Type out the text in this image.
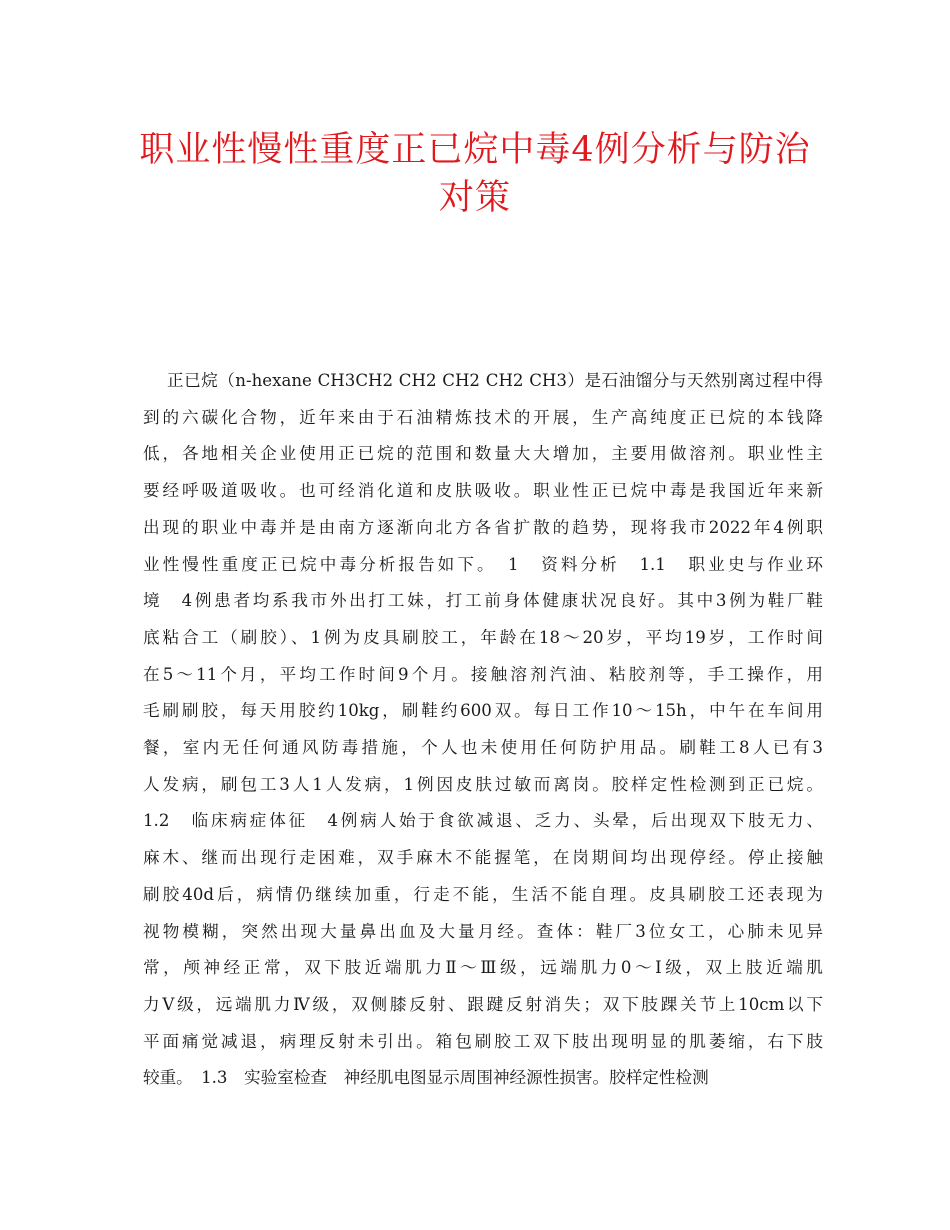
职业性慢性重度正已烷中毒4例分析与防治
对策
正已烷（n-hexane CH3CH2 CH2 CH2 CH2 CH3）是石油馏分与天然别离过程中得
到的六碳化合物，近年来由于石油精炼技术的开展，生产高纯度正已烷的本钱降
低，各地相关企业使用正已烷的范围和数量大大增加，主要用做溶剂。职业性主
要经呼吸道吸收。也可经消化道和皮肤吸收。职业性正已烷中毒是我国近年来新
出现的职业中毒并是由南方逐渐向北方各省扩散的趋势，现将我市2022年4例职
业性慢性重度正已烷中毒分析报告如下。　1　资料分析　1.1　职业史与作业环
境　4例患者均系我市外出打工妹，打工前身体健康状况良好。其中3例为鞋厂鞋
底粘合工（刷胶）、1例为皮具刷胶工，年龄在18～20岁，平均19岁，工作时间
在5～11个月，平均工作时间9个月。接触溶剂汽油、粘胶剂等，手工操作，用
毛刷刷胶，每天用胶约10kg，刷鞋约600双。每日工作10～15h，中午在车间用
餐，室内无任何通风防毒措施，个人也未使用任何防护用品。刷鞋工8人已有3
人发病，刷包工3人1人发病，1例因皮肤过敏而离岗。胶样定性检测到正已烷。
1.2　临床病症体征　4例病人始于食欲减退、乏力、头晕，后出现双下肢无力、
麻木、继而出现行走困难，双手麻木不能握笔，在岗期间均出现停经。停止接触
刷胶40d后，病情仍继续加重，行走不能，生活不能自理。皮具刷胶工还表现为
视物模糊，突然出现大量鼻出血及大量月经。查体：鞋厂3位女工，心肺未见异
常，颅神经正常，双下肢近端肌力Ⅱ～Ⅲ级，远端肌力0～Ⅰ级，双上肢近端肌
力Ⅴ级，远端肌力Ⅳ级，双侧膝反射、跟踺反射消失；双下肢踝关节上10cm以下
平面痛觉减退，病理反射未引出。箱包刷胶工双下肢出现明显的肌萎缩，右下肢
较重。　1.3　实验室检查　神经肌电图显示周围神经源性损害。胶样定性检测
